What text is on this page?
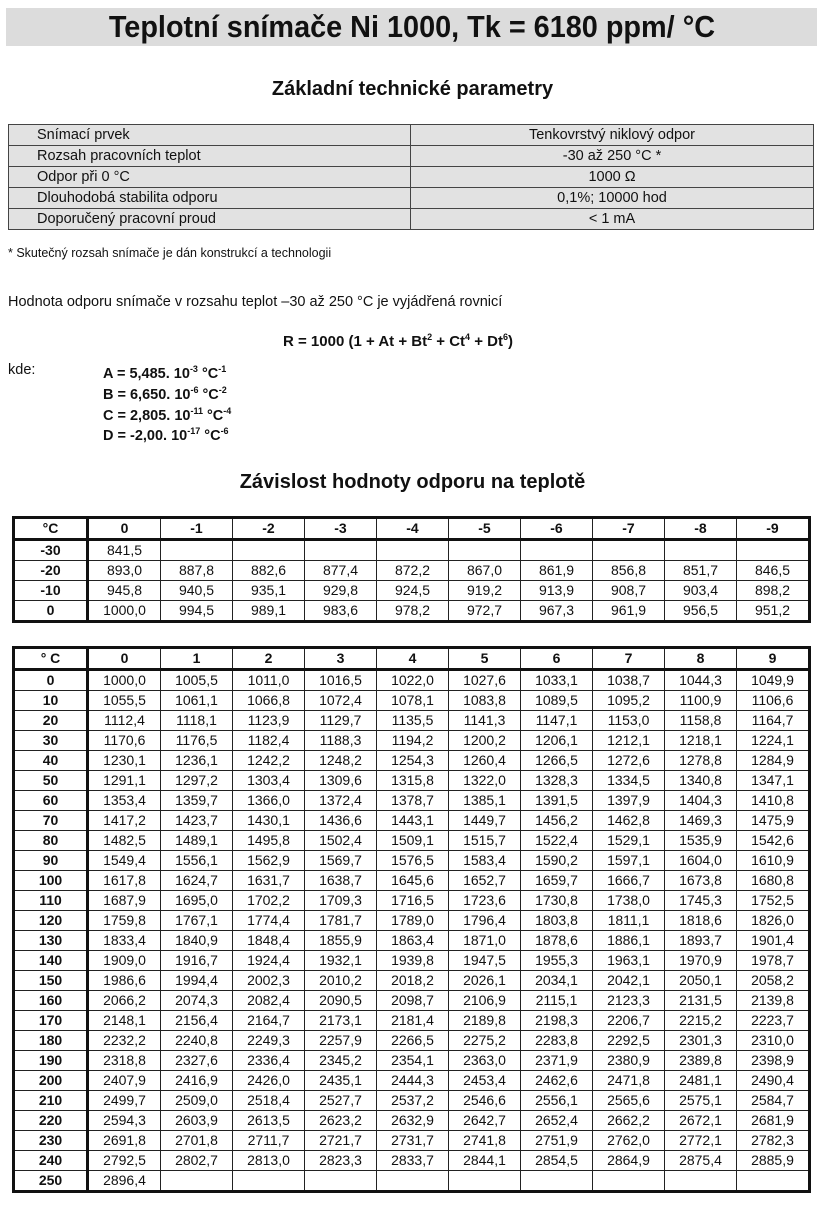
Teplotní snímače Ni 1000, Tk = 6180 ppm/ °C
Základní technické parametry
Snímací prvek	Tenkovrstvý niklový odpor
Rozsah pracovních teplot	-30 až 250 °C *
Odpor při 0 °C	1000 Ω
Dlouhodobá stabilita odporu	0,1%; 10000 hod
Doporučený pracovní proud	< 1 mA
* Skutečný rozsah snímače je dán konstrukcí a technologii
Hodnota odporu snímače v rozsahu teplot –30 až 250 °C je vyjádřená rovnicí
R = 1000 $(1 + At + Bt^2 + Ct^4 + Dt^6)$
kde:	A = 5,485. $10^{-3}$ $^\circ C^{-1}$
B = 6,650. $10^{-6}$ $^\circ C^{-2}$
C = 2,805. $10^{-11}$ $^\circ C^{-4}$
D = -2,00. $10^{-17}$ $^\circ C^{-6}$
Závislost hodnoty odporu na teplotě
°C	0	-1	-2	-3	-4	-5	-6	-7	-8	-9
-30	841,5									
-20	893,0	887,8	882,6	877,4	872,2	867,0	861,9	856,8	851,7	846,5
-10	945,8	940,5	935,1	929,8	924,5	919,2	913,9	908,7	903,4	898,2
0	1000,0	994,5	989,1	983,6	978,2	972,7	967,3	961,9	956,5	951,2
° C	0	1	2	3	4	5	6	7	8	9
0	1000,0	1005,5	1011,0	1016,5	1022,0	1027,6	1033,1	1038,7	1044,3	1049,9
10	1055,5	1061,1	1066,8	1072,4	1078,1	1083,8	1089,5	1095,2	1100,9	1106,6
20	1112,4	1118,1	1123,9	1129,7	1135,5	1141,3	1147,1	1153,0	1158,8	1164,7
30	1170,6	1176,5	1182,4	1188,3	1194,2	1200,2	1206,1	1212,1	1218,1	1224,1
40	1230,1	1236,1	1242,2	1248,2	1254,3	1260,4	1266,5	1272,6	1278,8	1284,9
50	1291,1	1297,2	1303,4	1309,6	1315,8	1322,0	1328,3	1334,5	1340,8	1347,1
60	1353,4	1359,7	1366,0	1372,4	1378,7	1385,1	1391,5	1397,9	1404,3	1410,8
70	1417,2	1423,7	1430,1	1436,6	1443,1	1449,7	1456,2	1462,8	1469,3	1475,9
80	1482,5	1489,1	1495,8	1502,4	1509,1	1515,7	1522,4	1529,1	1535,9	1542,6
90	1549,4	1556,1	1562,9	1569,7	1576,5	1583,4	1590,2	1597,1	1604,0	1610,9
100	1617,8	1624,7	1631,7	1638,7	1645,6	1652,7	1659,7	1666,7	1673,8	1680,8
110	1687,9	1695,0	1702,2	1709,3	1716,5	1723,6	1730,8	1738,0	1745,3	1752,5
120	1759,8	1767,1	1774,4	1781,7	1789,0	1796,4	1803,8	1811,1	1818,6	1826,0
130	1833,4	1840,9	1848,4	1855,9	1863,4	1871,0	1878,6	1886,1	1893,7	1901,4
140	1909,0	1916,7	1924,4	1932,1	1939,8	1947,5	1955,3	1963,1	1970,9	1978,7
150	1986,6	1994,4	2002,3	2010,2	2018,2	2026,1	2034,1	2042,1	2050,1	2058,2
160	2066,2	2074,3	2082,4	2090,5	2098,7	2106,9	2115,1	2123,3	2131,5	2139,8
170	2148,1	2156,4	2164,7	2173,1	2181,4	2189,8	2198,3	2206,7	2215,2	2223,7
180	2232,2	2240,8	2249,3	2257,9	2266,5	2275,2	2283,8	2292,5	2301,3	2310,0
190	2318,8	2327,6	2336,4	2345,2	2354,1	2363,0	2371,9	2380,9	2389,8	2398,9
200	2407,9	2416,9	2426,0	2435,1	2444,3	2453,4	2462,6	2471,8	2481,1	2490,4
210	2499,7	2509,0	2518,4	2527,7	2537,2	2546,6	2556,1	2565,6	2575,1	2584,7
220	2594,3	2603,9	2613,5	2623,2	2632,9	2642,7	2652,4	2662,2	2672,1	2681,9
230	2691,8	2701,8	2711,7	2721,7	2731,7	2741,8	2751,9	2762,0	2772,1	2782,3
240	2792,5	2802,7	2813,0	2823,3	2833,7	2844,1	2854,5	2864,9	2875,4	2885,9
250	2896,4									
